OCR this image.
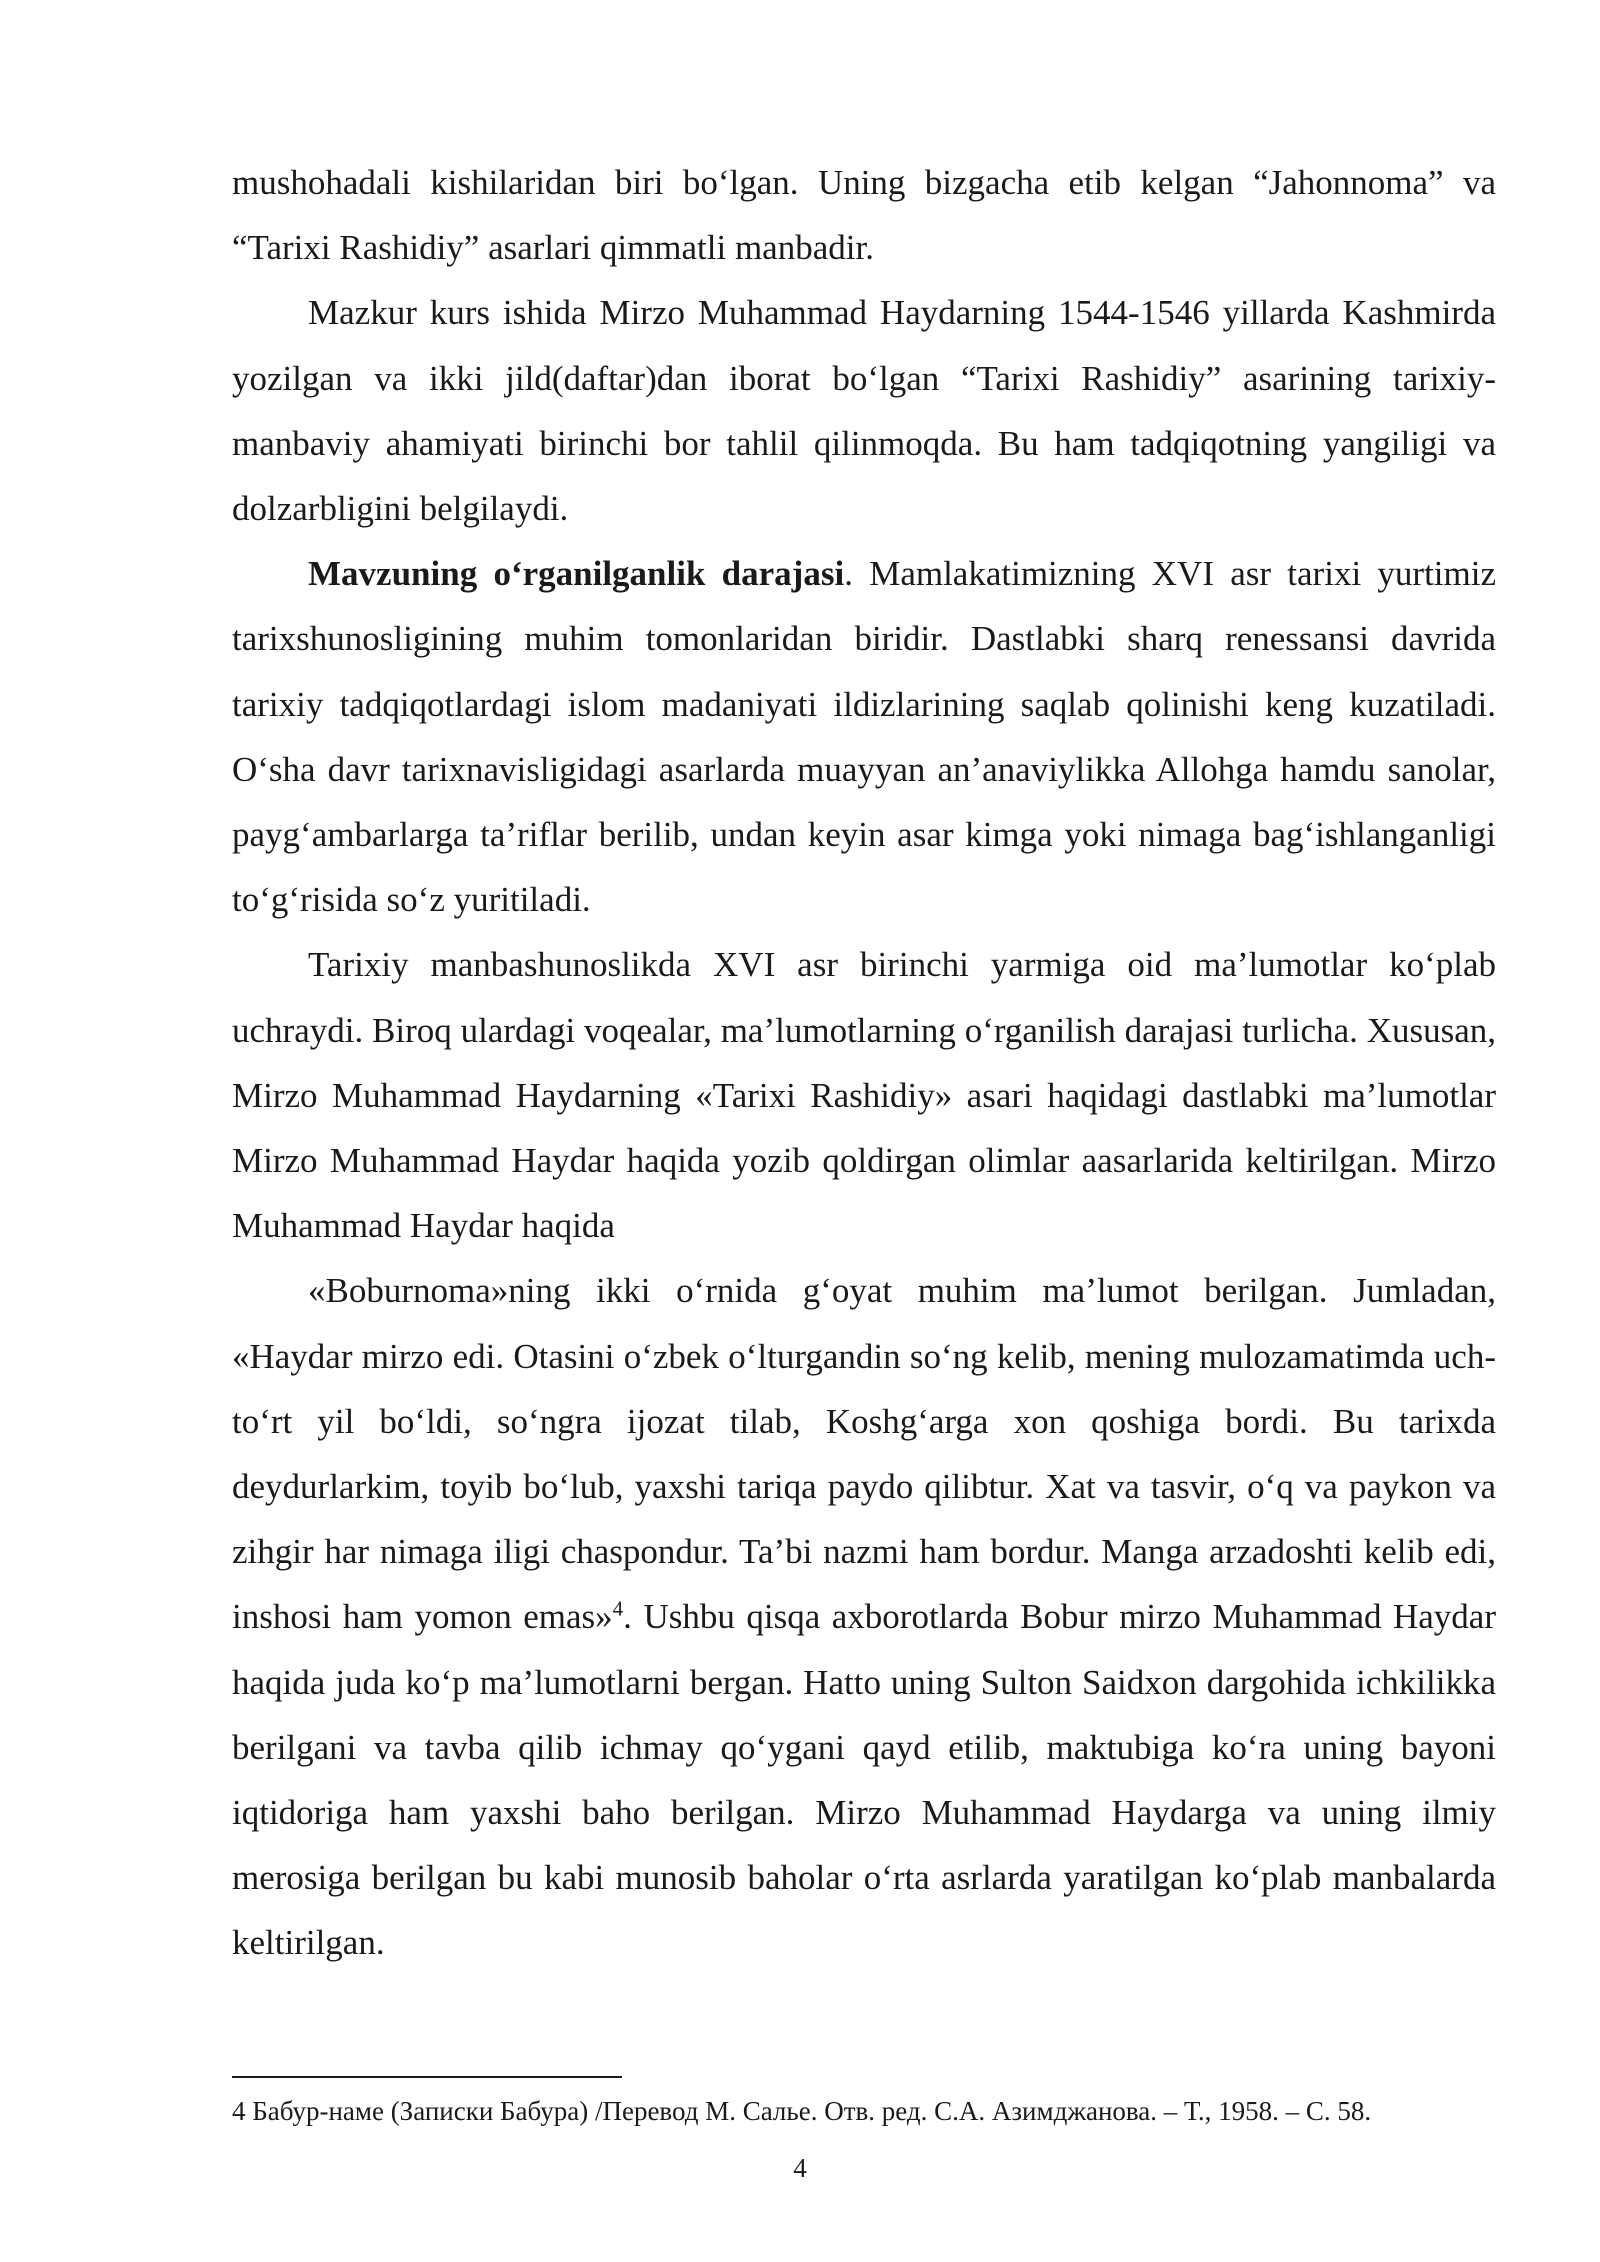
mushohadali kishilaridan biri bo‘lgan. Uning bizgacha etib kelgan “Jahonnoma” va “Tarixi Rashidiy” asarlari qimmatli manbadir.

Mazkur kurs ishida Mirzo Muhammad Haydarning 1544-1546 yillarda Kashmirda yozilgan va ikki jild(daftar)dan iborat bo‘lgan “Tarixi Rashidiy” asarining tarixiy-manbaviy ahamiyati birinchi bor tahlil qilinmoqda. Bu ham tadqiqotning yangiligi va dolzarbligini belgilaydi.

Mavzuning o‘rganilganlik darajasi. Mamlakatimizning XVI asr tarixi yurtimiz tarixshunosligining muhim tomonlaridan biridir. Dastlabki sharq renessansi davrida tarixiy tadqiqotlardagi islom madaniyati ildizlarining saqlab qolinishi keng kuzatiladi. O‘sha davr tarixnavisligidagi asarlarda muayyan an’anaviylikka Allohga hamdu sanolar, payg‘ambarlarga ta’riflar berilib, undan keyin asar kimga yoki nimaga bag‘ishlanganligi to‘g‘risida so‘z yuritiladi.

Tarixiy manbashunoslikda XVI asr birinchi yarmiga oid ma’lumotlar ko‘plab uchraydi. Biroq ulardagi voqealar, ma’lumotlarning o‘rganilish darajasi turlicha. Xususan, Mirzo Muhammad Haydarning «Tarixi Rashidiy» asari haqidagi dastlabki ma’lumotlar Mirzo Muhammad Haydar haqida yozib qoldirgan olimlar aasarlarida keltirilgan. Mirzo Muhammad Haydar haqida

«Boburnoma»ning ikki o‘rnida g‘oyat muhim ma’lumot berilgan. Jumladan, «Haydar mirzo edi. Otasini o‘zbek o‘lturgandin so‘ng kelib, mening mulozamatimda uch-to‘rt yil bo‘ldi, so‘ngra ijozat tilab, Koshg‘arga xon qoshiga bordi. Bu tarixda deydurlarkim, toyib bo‘lub, yaxshi tariqa paydo qilibtur. Xat va tasvir, o‘q va paykon va zihgir har nimaga iligi chaspondur. Ta’bi nazmi ham bordur. Manga arzadoshti kelib edi, inshosi ham yomon emas»$^4$. Ushbu qisqa axborotlarda Bobur mirzo Muhammad Haydar haqida juda ko‘p ma’lumotlarni bergan. Hatto uning Sulton Saidxon dargohida ichkilikka berilgani va tavba qilib ichmay qo‘ygani qayd etilib, maktubiga ko‘ra uning bayoni iqtidoriga ham yaxshi baho berilgan. Mirzo Muhammad Haydarga va uning ilmiy merosiga berilgan bu kabi munosib baholar o‘rta asrlarda yaratilgan ko‘plab manbalarda keltirilgan.

4 Бабур-наме (Записки Бабура) /Перевод М. Салье. Отв. ред. С.А. Азимджанова. – Т., 1958. – С. 58.

4
